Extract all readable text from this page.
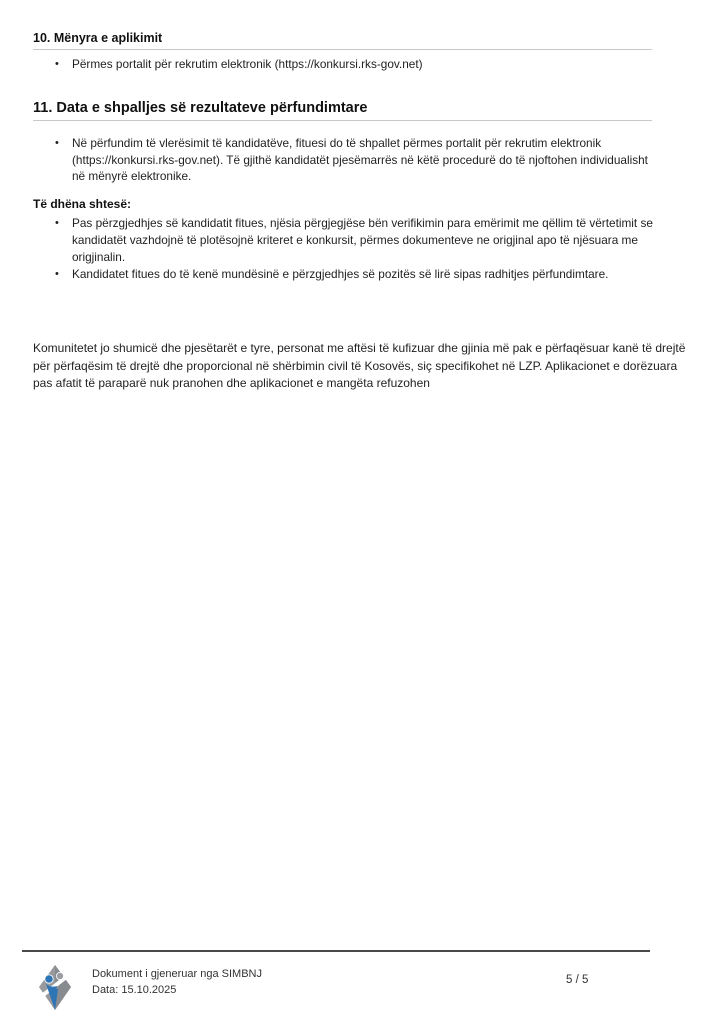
10. Mënyra e aplikimit
•	Përmes portalit për rekrutim elektronik (https://konkursi.rks-gov.net)
11. Data e shpalljes së rezultateve përfundimtare
•	Në përfundim të vlerësimit të kandidatëve, fituesi do të shpallet përmes portalit për rekrutim elektronik (https://konkursi.rks-gov.net). Të gjithë kandidatët pjesëmarrës në këtë procedurë do të njoftohen individualisht në mënyrë elektronike.
Të dhëna shtesë:
•	Pas përzgjedhjes së kandidatit fitues, njësia përgjegjëse bën verifikimin para emërimit me qëllim të vërtetimit se kandidatët vazhdojnë të plotësojnë kriteret e konkursit, përmes dokumenteve ne origjinal apo të njësuara me origjinalin.
•	Kandidatet fitues do të kenë mundësinë e përzgjedhjes së pozitës së lirë sipas radhitjes përfundimtare.

Komunitetet jo shumicë dhe pjesëtarët e tyre, personat me aftësi të kufizuar dhe gjinia më pak e përfaqësuar kanë të drejtë për përfaqësim të drejtë dhe proporcional në shërbimin civil të Kosovës, siç specifikohet në LZP. Aplikacionet e dorëzuara pas afatit të paraparë nuk pranohen dhe aplikacionet e mangëta refuzohen

Dokument i gjeneruar nga SIMBNJ
Data: 15.10.2025
5 / 5
